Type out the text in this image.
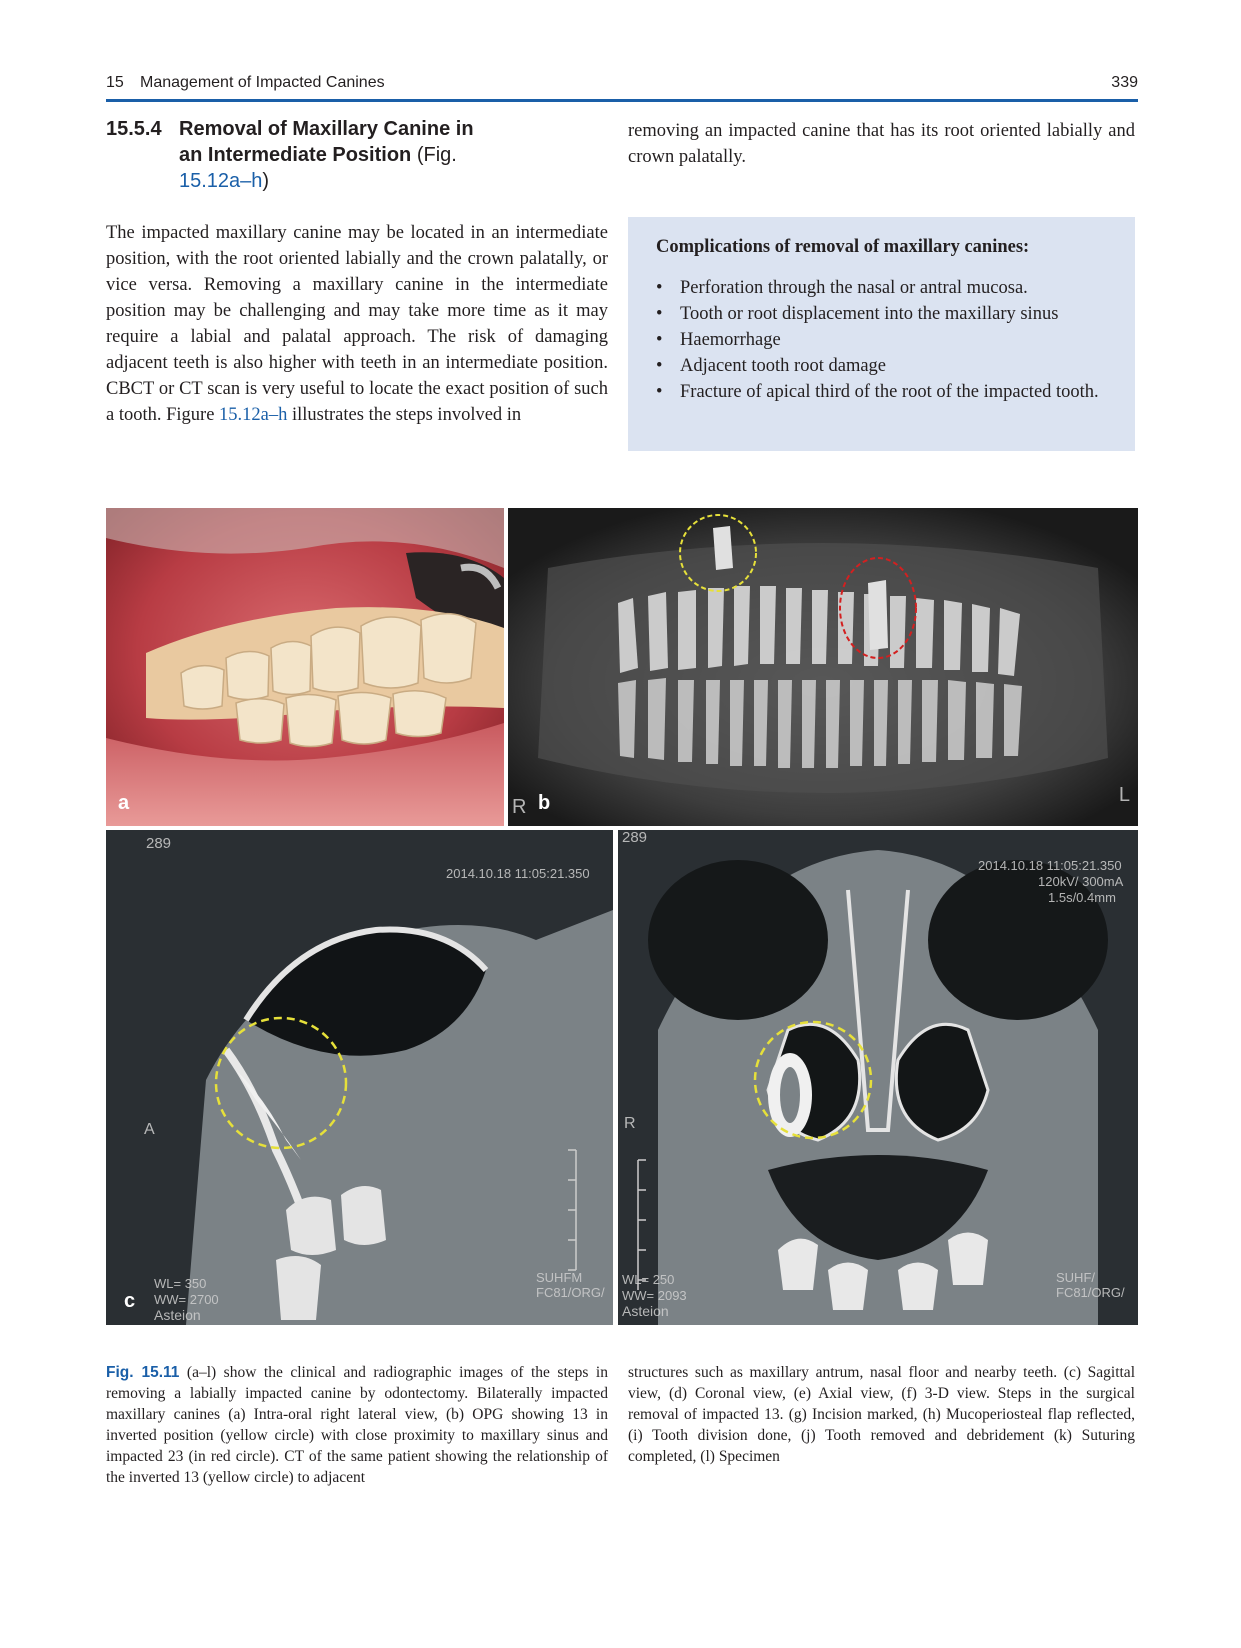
15 Management of Impacted Canines	339
15.5.4 Removal of Maxillary Canine in an Intermediate Position (Fig. 15.12a–h)

The impacted maxillary canine may be located in an intermediate position, with the root oriented labially and the crown palatally, or vice versa. Removing a maxillary canine in the intermediate position may be challenging and may take more time as it may require a labial and palatal approach. The risk of damaging adjacent teeth is also higher with teeth in an intermediate position. CBCT or CT scan is very useful to locate the exact position of such a tooth. Figure 15.12a–h illustrates the steps involved in

removing an impacted canine that has its root oriented labially and crown palatally.

Complications of removal of maxillary canines:
• Perforation through the nasal or antral mucosa.
• Tooth or root displacement into the maxillary sinus
• Haemorrhage
• Adjacent tooth root damage
• Fracture of apical third of the root of the impacted tooth.
a	b
R
L
289
2014.10.18 11:05:21.350
A
SUHFM FC81/ORG/
WL= 350
WW= 2700
Asteion
c
289
2014.10.18 11:05:21.350
120kV/ 300mA
1.5s/0.4mm
R
SUHF/ FC81/ORG/
WL= 250
WW= 2093
Asteion

Fig. 15.11 (a–l) show the clinical and radiographic images of the steps in removing a labially impacted canine by odontectomy. Bilaterally impacted maxillary canines (a) Intra-oral right lateral view, (b) OPG showing 13 in inverted position (yellow circle) with close proximity to maxillary sinus and impacted 23 (in red circle). CT of the same patient showing the relationship of the inverted 13 (yellow circle) to adjacent

structures such as maxillary antrum, nasal floor and nearby teeth. (c) Sagittal view, (d) Coronal view, (e) Axial view, (f) 3-D view. Steps in the surgical removal of impacted 13. (g) Incision marked, (h) Mucoperiosteal flap reflected, (i) Tooth division done, (j) Tooth removed and debridement (k) Suturing completed, (l) Specimen
